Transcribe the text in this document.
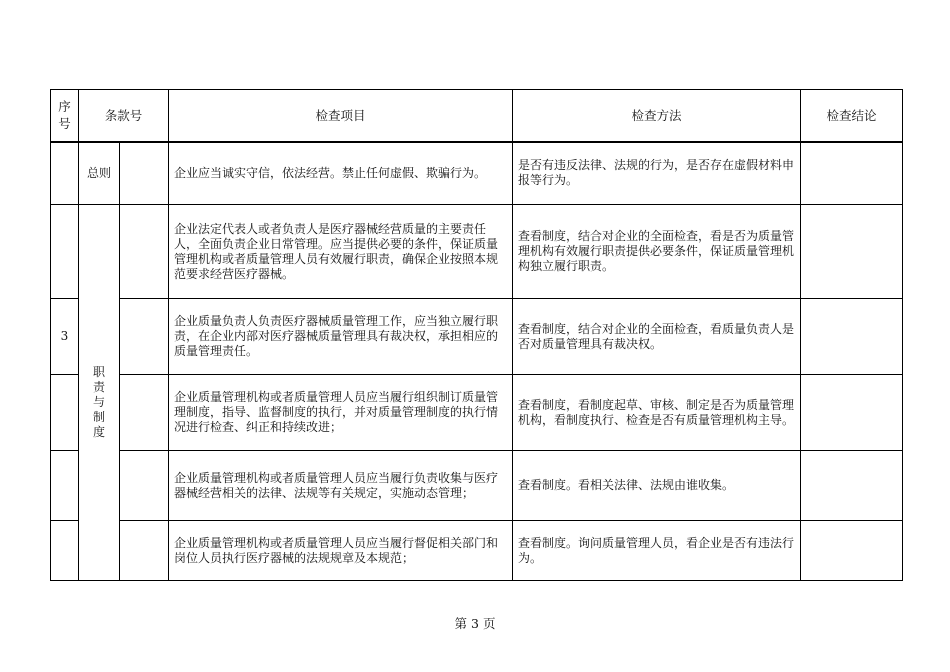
序号	条款号		检查项目	检查方法	检查结论
	总则		企业应当诚实守信，依法经营。禁止任何虚假、欺骗行为。	是否有违反法律、法规的行为，是否存在虚假材料申报等行为。	
	职责与制度		企业法定代表人或者负责人是医疗器械经营质量的主要责任人，全面负责企业日常管理。应当提供必要的条件，保证质量管理机构或者质量管理人员有效履行职责，确保企业按照本规范要求经营医疗器械。	查看制度，结合对企业的全面检查，看是否为质量管理机构有效履行职责提供必要条件，保证质量管理机构独立履行职责。	
3			企业质量负责人负责医疗器械质量管理工作，应当独立履行职责，在企业内部对医疗器械质量管理具有裁决权，承担相应的质量管理责任。	查看制度，结合对企业的全面检查，看质量负责人是否对质量管理具有裁决权。	
			企业质量管理机构或者质量管理人员应当履行组织制订质量管理制度，指导、监督制度的执行，并对质量管理制度的执行情况进行检查、纠正和持续改进；	查看制度，看制度起草、审核、制定是否为质量管理机构，看制度执行、检查是否有质量管理机构主导。	
			企业质量管理机构或者质量管理人员应当履行负责收集与医疗器械经营相关的法律、法规等有关规定，实施动态管理；	查看制度。看相关法律、法规由谁收集。	
			企业质量管理机构或者质量管理人员应当履行督促相关部门和岗位人员执行医疗器械的法规规章及本规范；	查看制度。询问质量管理人员，看企业是否有违法行为。	
第 3 页
